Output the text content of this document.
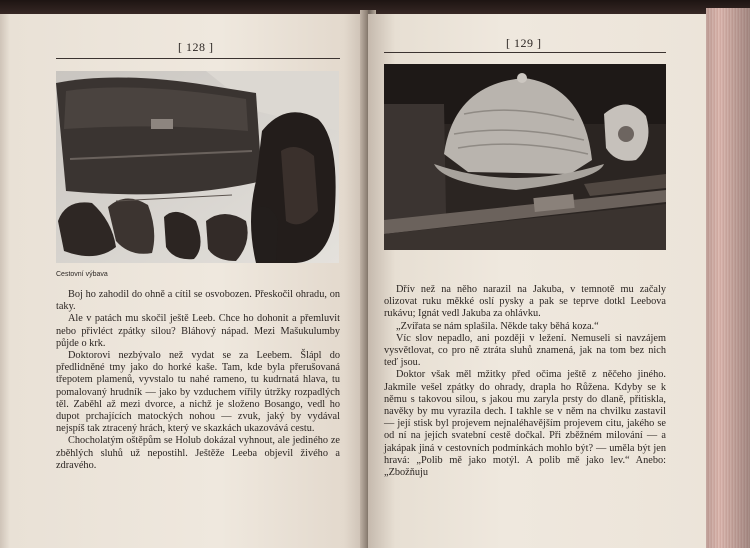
[ 128 ]
Cestovní výbava

Boj ho zahodil do ohně a cítil se osvobozen. Přeskočil ohradu, on taky.

Ale v patách mu skočil ještě Leeb. Chce ho dohonit a přemluvit nebo přivléct zpátky silou? Bláhový nápad. Mezi Mašukulumby půjde o krk.

Doktorovi nezbývalo než vydat se za Leebem. Šlápl do předlidněné tmy jako do horké kaše. Tam, kde byla přerušovaná třepotem plamenů, vyvstalo tu nahé rameno, tu kudrnatá hlava, tu pomalovaný hrudník — jako by vzduchem vířily útržky rozpadlých těl. Zaběhl až mezi dvorce, a nichž je složeno Bosango, vedl ho dupot prchajících matockých nohou — zvuk, jaký by vydával nejspíš tak ztracený hrách, který ve skazkách ukazovává cestu.

Chocholatým oštěpům se Holub dokázal vyhnout, ale jediného ze zběhlých sluhů už nepostihl. Ještěže Leeba objevil živého a zdravého.

[ 129 ]

Dřív než na něho narazil na Jakuba, v temnotě mu začaly olizovat ruku měkké oslí pysky a pak se teprve dotkl Leebova rukávu; Ignát vedl Jakuba za ohlávku.

„Zvířata se nám splašila. Někde taky běhá koza.“

Víc slov nepadlo, ani později v ležení. Nemuseli si navzájem vysvětlovat, co pro ně ztráta sluhů znamená, jak na tom bez nich teď jsou.

Doktor však měl mžitky před očima ještě z něčeho jiného. Jakmile vešel zpátky do ohrady, drapla ho Růžena. Kdyby se k němu s takovou silou, s jakou mu zaryla prsty do dlaně, přitiskla, navěky by mu vyrazila dech. I takhle se v něm na chvilku zastavil — její stisk byl projevem nejnaléhavějším projevem citu, jakého se od ní na jejích svatební cestě dočkal. Při zběžném milování — a jakápak jiná v cestovních podmínkách mohlo být? — uměla být jen hravá: „Polib mě jako motýl. A polib mě jako lev.“ Anebo: „Zbožňuju
